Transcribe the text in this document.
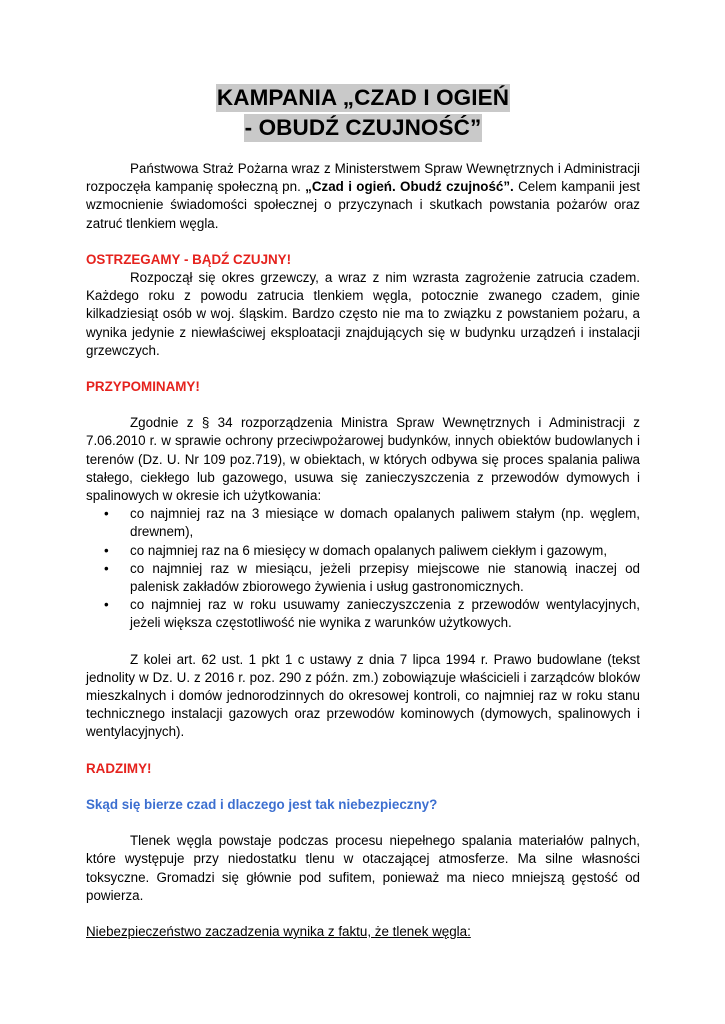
KAMPANIA „CZAD I OGIEŃ
- OBUDŹ CZUJNOŚĆ”

Państwowa Straż Pożarna wraz z Ministerstwem Spraw Wewnętrznych i Administracji rozpoczęła kampanię społeczną pn. „Czad i ogień. Obudź czujność”. Celem kampanii jest wzmocnienie świadomości społecznej o przyczynach i skutkach powstania pożarów oraz zatruć tlenkiem węgla.

OSTRZEGAMY - BĄDŹ CZUJNY!

Rozpoczął się okres grzewczy, a wraz z nim wzrasta zagrożenie zatrucia czadem. Każdego roku z powodu zatrucia tlenkiem węgla, potocznie zwanego czadem, ginie kilkadziesiąt osób w woj. śląskim. Bardzo często nie ma to związku z powstaniem pożaru, a wynika jedynie z niewłaściwej eksploatacji znajdujących się w budynku urządzeń i instalacji grzewczych.

PRZYPOMINAMY!

Zgodnie z § 34 rozporządzenia Ministra Spraw Wewnętrznych i Administracji z 7.06.2010 r. w sprawie ochrony przeciwpożarowej budynków, innych obiektów budowlanych i terenów (Dz. U. Nr 109 poz.719), w obiektach, w których odbywa się proces spalania paliwa stałego, ciekłego lub gazowego, usuwa się zanieczyszczenia z przewodów dymowych i spalinowych w okresie ich użytkowania:

• co najmniej raz na 3 miesiące w domach opalanych paliwem stałym (np. węglem, drewnem),
• co najmniej raz na 6 miesięcy w domach opalanych paliwem ciekłym i gazowym,
• co najmniej raz w miesiącu, jeżeli przepisy miejscowe nie stanowią inaczej od palenisk zakładów zbiorowego żywienia i usług gastronomicznych.
• co najmniej raz w roku usuwamy zanieczyszczenia z przewodów wentylacyjnych, jeżeli większa częstotliwość nie wynika z warunków użytkowych.

Z kolei art. 62 ust. 1 pkt 1 c ustawy z dnia 7 lipca 1994 r. Prawo budowlane (tekst jednolity w Dz. U. z 2016 r. poz. 290 z późn. zm.) zobowiązuje właścicieli i zarządców bloków mieszkalnych i domów jednorodzinnych do okresowej kontroli, co najmniej raz w roku stanu technicznego instalacji gazowych oraz przewodów kominowych (dymowych, spalinowych i wentylacyjnych).

RADZIMY!

Skąd się bierze czad i dlaczego jest tak niebezpieczny?

Tlenek węgla powstaje podczas procesu niepełnego spalania materiałów palnych, które występuje przy niedostatku tlenu w otaczającej atmosferze. Ma silne własności toksyczne. Gromadzi się głównie pod sufitem, ponieważ ma nieco mniejszą gęstość od powierza.

Niebezpieczeństwo zaczadzenia wynika z faktu, że tlenek węgla:
